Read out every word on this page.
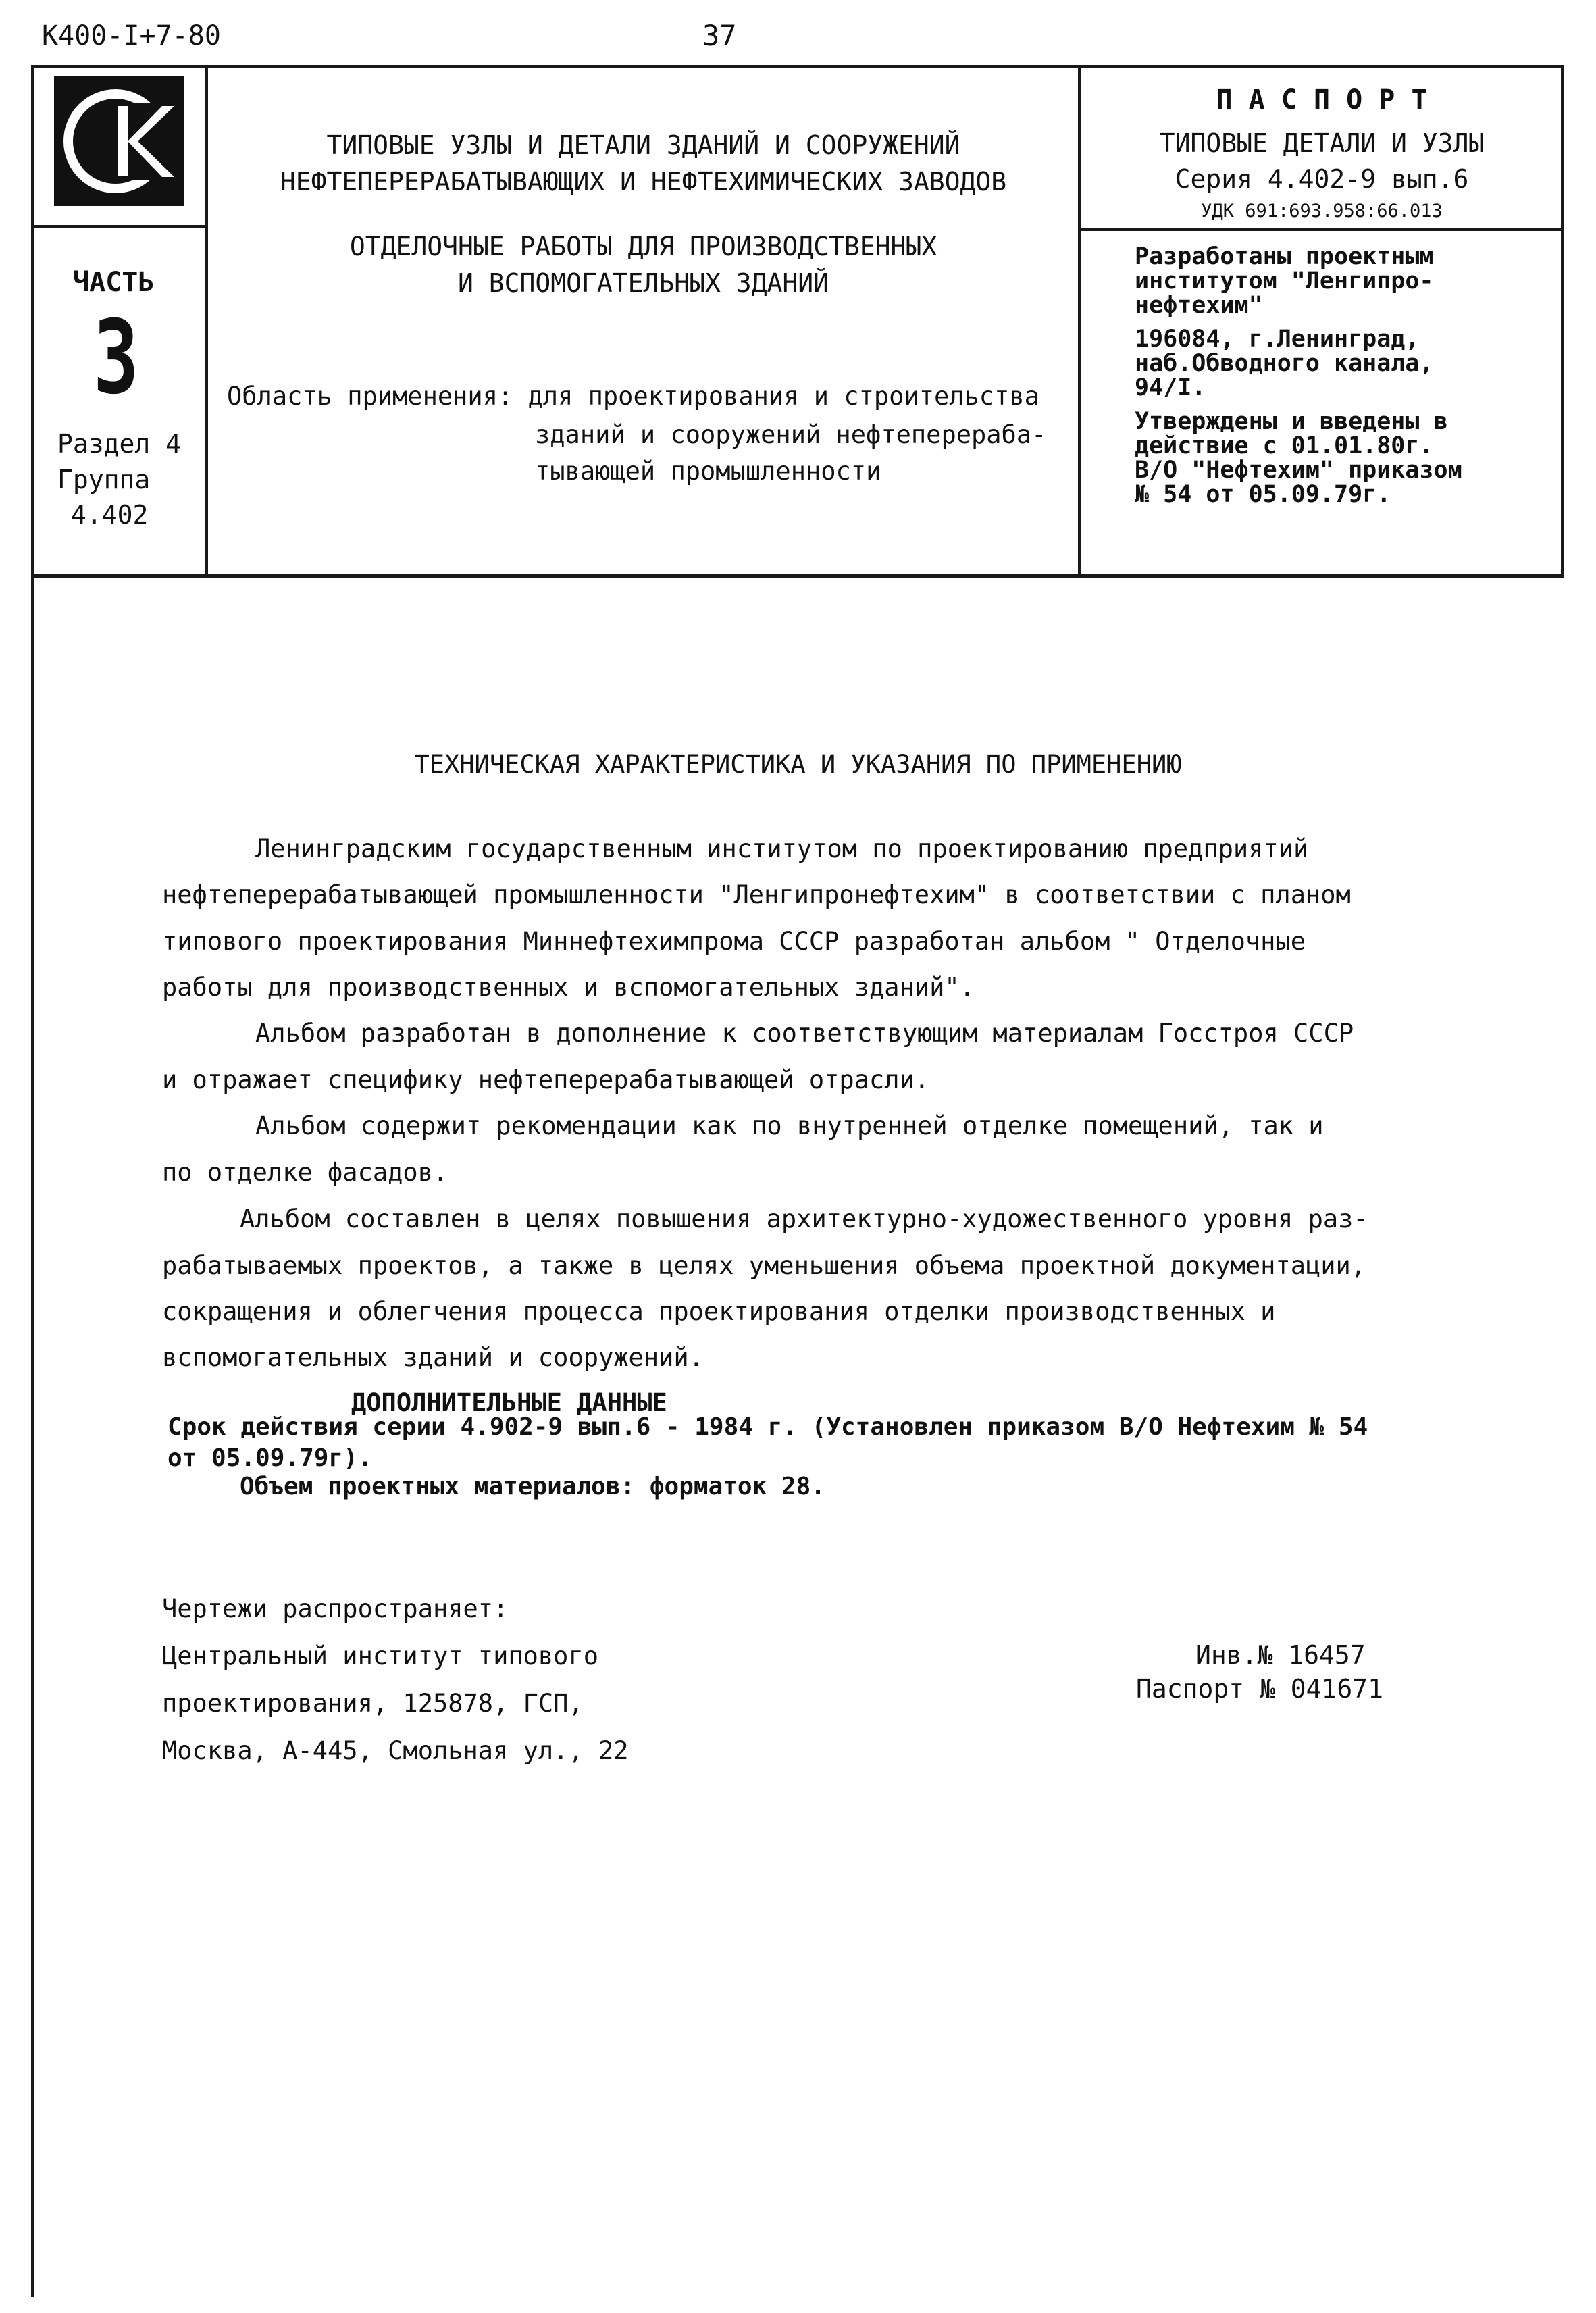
К400-І+7-80	37
ЧАСТЬ
3
Раздел 4
Группа
4.402
ТИПОВЫЕ УЗЛЫ И ДЕТАЛИ ЗДАНИЙ И СООРУЖЕНИЙ
НЕФТЕПЕРЕРАБАТЫВАЮЩИХ И НЕФТЕХИМИЧЕСКИХ ЗАВОДОВ
ОТДЕЛОЧНЫЕ РАБОТЫ ДЛЯ ПРОИЗВОДСТВЕННЫХ
И ВСПОМОГАТЕЛЬНЫХ ЗДАНИЙ
Область применения: для проектирования и строительства
зданий и сооружений нефтеперераба-
тывающей промышленности
П А С П О Р Т
ТИПОВЫЕ ДЕТАЛИ И УЗЛЫ
Серия 4.402-9 вып.6
УДК 691:693.958:66.013
Разработаны проектным
институтом "Ленгипро-
нефтехим"
196084, г.Ленинград,
наб.Обводного канала,
94/І.
Утверждены и введены в
действие с 01.01.80г.
В/О "Нефтехим" приказом
№ 54 от 05.09.79г.
ТЕХНИЧЕСКАЯ ХАРАКТЕРИСТИКА И УКАЗАНИЯ ПО ПРИМЕНЕНИЮ
Ленинградским государственным институтом по проектированию предприятий
нефтеперерабатывающей промышленности "Ленгипронефтехим" в соответствии с планом
типового проектирования Миннефтехимпрома СССР разработан альбом " Отделочные
работы для производственных и вспомогательных зданий".
Альбом разработан в дополнение к соответствующим материалам Госстроя СССР
и отражает специфику нефтеперерабатывающей отрасли.
Альбом содержит рекомендации как по внутренней отделке помещений, так и
по отделке фасадов.
Альбом составлен в целях повышения архитектурно-художественного уровня раз-
рабатываемых проектов, а также в целях уменьшения объема проектной документации,
сокращения и облегчения процесса проектирования отделки производственных и
вспомогательных зданий и сооружений.
ДОПОЛНИТЕЛЬНЫЕ ДАННЫЕ
Срок действия серии 4.902-9 вып.6 - 1984 г. (Установлен приказом В/О Нефтехим № 54
от 05.09.79г).
Объем проектных материалов: форматок 28.
Чертежи распространяет:
Центральный институт типового
проектирования, 125878, ГСП,
Москва, А-445, Смольная ул., 22
Инв.№ 16457
Паспорт № 041671
